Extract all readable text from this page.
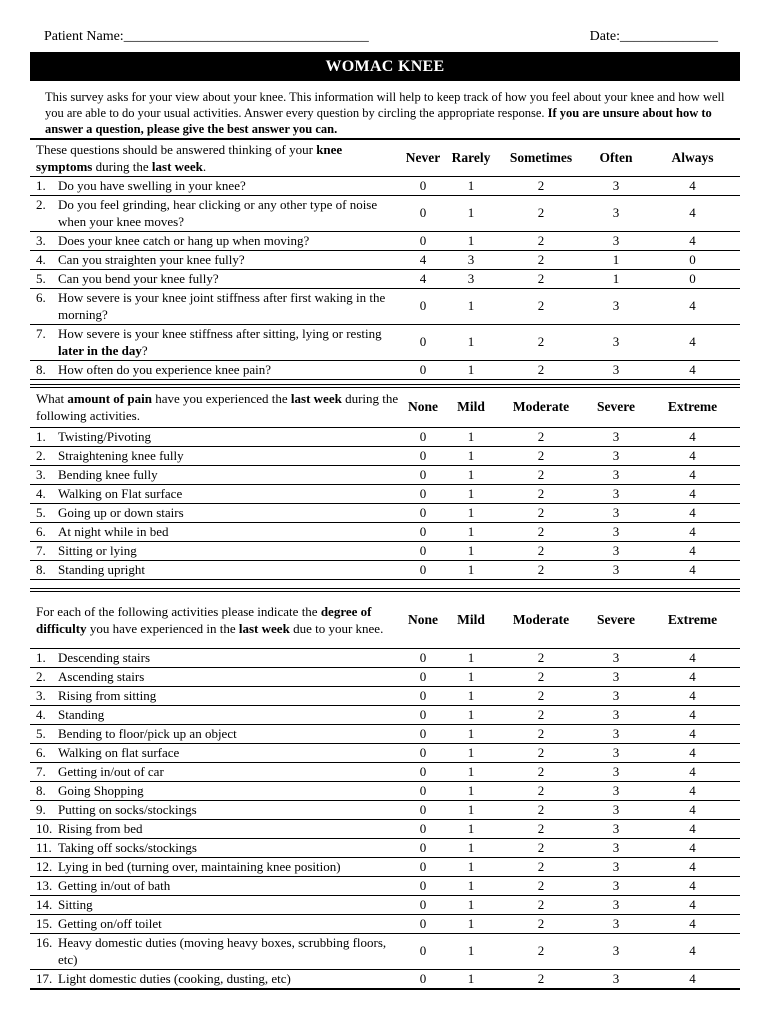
Patient Name:___________________________________	Date:______________
WOMAC KNEE
This survey asks for your view about your knee. This information will help to keep track of how you feel about your knee and how well you are able to do your usual activities. Answer every question by circling the appropriate response. If you are unsure about how to answer a question, please give the best answer you can.
These questions should be answered thinking of your knee symptoms during the last week.	Never	Rarely	Sometimes	Often	Always

1. Do you have swelling in your knee?	0	1	2	3	4

2. Do you feel grinding, hear clicking or any other type of noise when your knee moves?	0	1	2	3	4

3. Does your knee catch or hang up when moving?	0	1	2	3	4

4. Can you straighten your knee fully?	4	3	2	1	0

5. Can you bend your knee fully?	4	3	2	1	0

6. How severe is your knee joint stiffness after first waking in the morning?	0	1	2	3	4

7. How severe is your knee stiffness after sitting, lying or resting later in the day?	0	1	2	3	4

8. How often do you experience knee pain?	0	1	2	3	4
What amount of pain have you experienced the last week during the following activities.	None	Mild	Moderate	Severe	Extreme

1. Twisting/Pivoting	0	1	2	3	4

2. Straightening knee fully	0	1	2	3	4

3. Bending knee fully	0	1	2	3	4

4. Walking on Flat surface	0	1	2	3	4

5. Going up or down stairs	0	1	2	3	4

6. At night while in bed	0	1	2	3	4

7. Sitting or lying	0	1	2	3	4

8. Standing upright	0	1	2	3	4
For each of the following activities please indicate the degree of difficulty you have experienced in the last week due to your knee.	None	Mild	Moderate	Severe	Extreme

1. Descending stairs	0	1	2	3	4

2. Ascending stairs	0	1	2	3	4

3. Rising from sitting	0	1	2	3	4

4. Standing	0	1	2	3	4

5. Bending to floor/pick up an object	0	1	2	3	4

6. Walking on flat surface	0	1	2	3	4

7. Getting in/out of car	0	1	2	3	4

8. Going Shopping	0	1	2	3	4

9. Putting on socks/stockings	0	1	2	3	4

10. Rising from bed	0	1	2	3	4

11. Taking off socks/stockings	0	1	2	3	4

12. Lying in bed (turning over, maintaining knee position)	0	1	2	3	4

13. Getting in/out of bath	0	1	2	3	4

14. Sitting	0	1	2	3	4

15. Getting on/off toilet	0	1	2	3	4

16. Heavy domestic duties (moving heavy boxes, scrubbing floors, etc)	0	1	2	3	4

17. Light domestic duties (cooking, dusting, etc)	0	1	2	3	4
